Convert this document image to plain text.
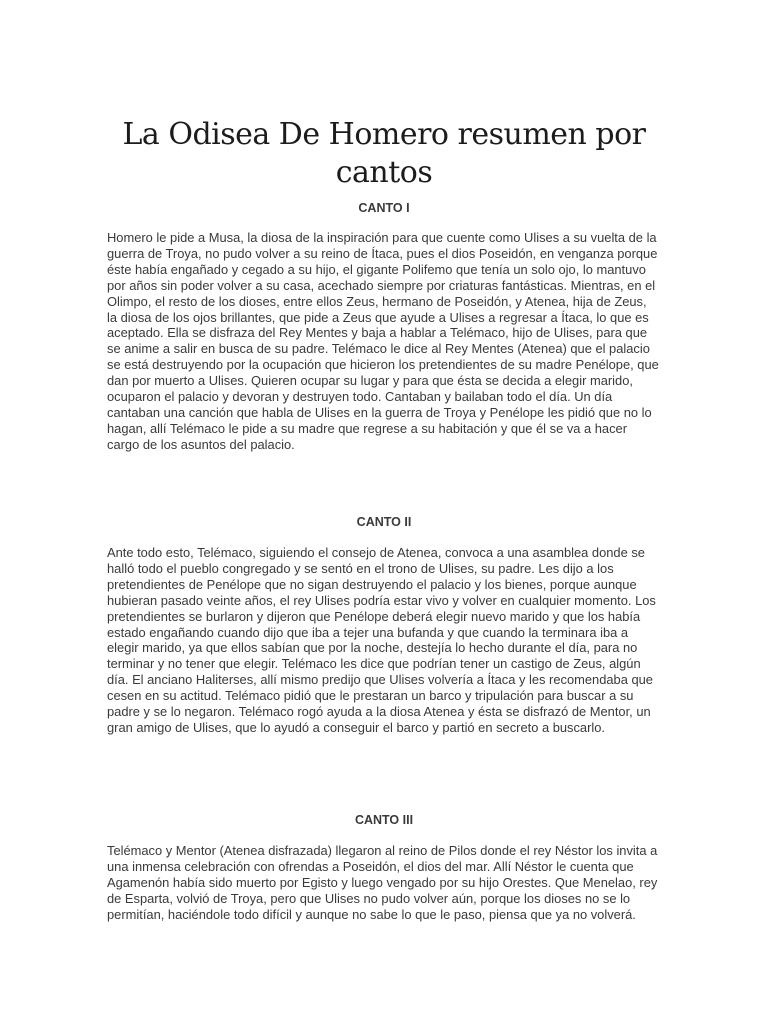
La Odisea De Homero resumen por cantos
CANTO I

Homero le pide a Musa, la diosa de la inspiración para que cuente como Ulises a su vuelta de la guerra de Troya, no pudo volver a su reino de Ítaca, pues el dios Poseidón, en venganza porque éste había engañado y cegado a su hijo, el gigante Polifemo que tenía un solo ojo, lo mantuvo por años sin poder volver a su casa, acechado siempre por criaturas fantásticas. Mientras, en el Olimpo, el resto de los dioses, entre ellos Zeus, hermano de Poseidón, y Atenea, hija de Zeus, la diosa de los ojos brillantes, que pide a Zeus que ayude a Ulises a regresar a Ítaca, lo que es aceptado. Ella se disfraza del Rey Mentes y baja a hablar a Telémaco, hijo de Ulises, para que se anime a salir en busca de su padre. Telémaco le dice al Rey Mentes (Atenea) que el palacio se está destruyendo por la ocupación que hicieron los pretendientes de su madre Penélope, que dan por muerto a Ulises. Quieren ocupar su lugar y para que ésta se decida a elegir marido, ocuparon el palacio y devoran y destruyen todo. Cantaban y bailaban todo el día. Un día cantaban una canción que habla de Ulises en la guerra de Troya y Penélope les pidió que no lo hagan, allí Telémaco le pide a su madre que regrese a su habitación y que él se va a hacer cargo de los asuntos del palacio.

CANTO II

Ante todo esto, Telémaco, siguiendo el consejo de Atenea, convoca a una asamblea donde se halló todo el pueblo congregado y se sentó en el trono de Ulises, su padre. Les dijo a los pretendientes de Penélope que no sigan destruyendo el palacio y los bienes, porque aunque hubieran pasado veinte años, el rey Ulises podría estar vivo y volver en cualquier momento. Los pretendientes se burlaron y dijeron que Penélope deberá elegir nuevo marido y que los había estado engañando cuando dijo que iba a tejer una bufanda y que cuando la terminara iba a elegir marido, ya que ellos sabían que por la noche, destejía lo hecho durante el día, para no terminar y no tener que elegir. Telémaco les dice que podrían tener un castigo de Zeus, algún día. El anciano Haliterses, allí mismo predijo que Ulises volvería a Ítaca y les recomendaba que cesen en su actitud. Telémaco pidió que le prestaran un barco y tripulación para buscar a su padre y se lo negaron. Telémaco rogó ayuda a la diosa Atenea y ésta se disfrazó de Mentor, un gran amigo de Ulises, que lo ayudó a conseguir el barco y partió en secreto a buscarlo.

CANTO III

Telémaco y Mentor (Atenea disfrazada) llegaron al reino de Pilos donde el rey Néstor los invita a una inmensa celebración con ofrendas a Poseidón, el dios del mar. Allí Néstor le cuenta que Agamenón había sido muerto por Egisto y luego vengado por su hijo Orestes. Que Menelao, rey de Esparta, volvió de Troya, pero que Ulises no pudo volver aún, porque los dioses no se lo permitían, haciéndole todo difícil y aunque no sabe lo que le paso, piensa que ya no volverá.
